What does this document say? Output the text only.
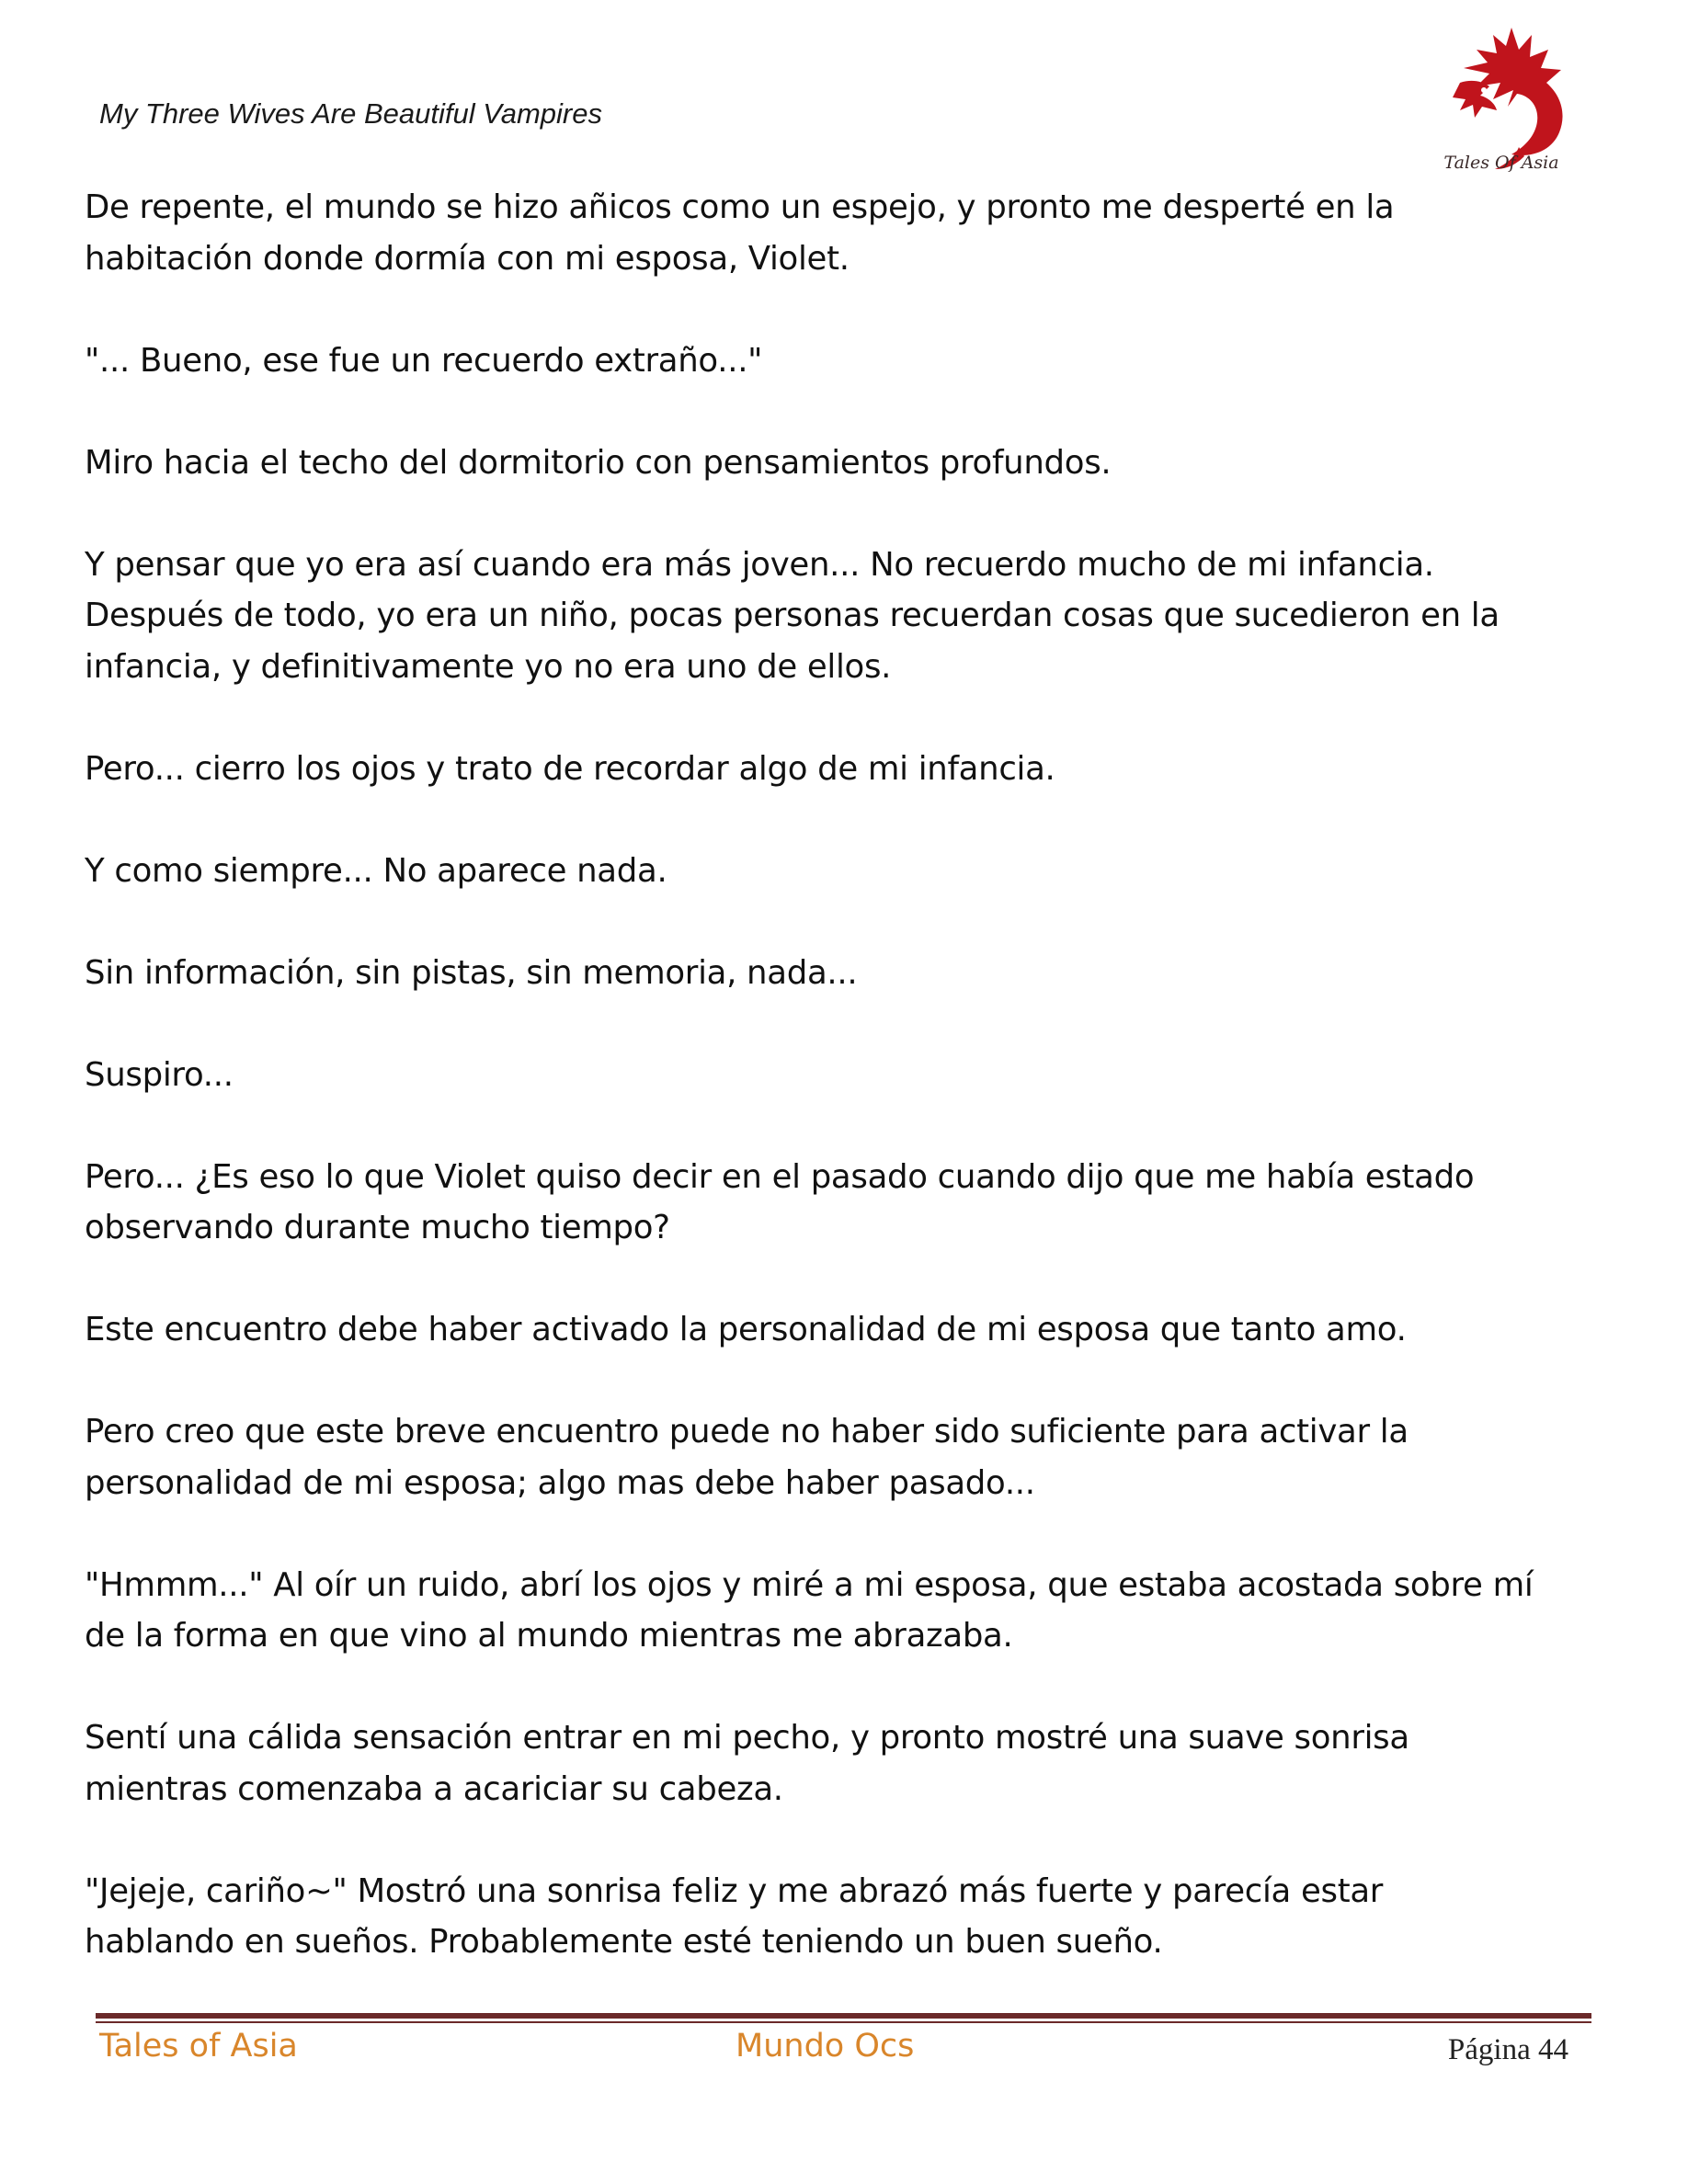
My Three Wives Are Beautiful Vampires
Tales Of Asia

De repente, el mundo se hizo añicos como un espejo, y pronto me desperté en la
habitación donde dormía con mi esposa, Violet.

"... Bueno, ese fue un recuerdo extraño..."

Miro hacia el techo del dormitorio con pensamientos profundos.

Y pensar que yo era así cuando era más joven... No recuerdo mucho de mi infancia.
Después de todo, yo era un niño, pocas personas recuerdan cosas que sucedieron en la
infancia, y definitivamente yo no era uno de ellos.

Pero... cierro los ojos y trato de recordar algo de mi infancia.

Y como siempre... No aparece nada.

Sin información, sin pistas, sin memoria, nada...

Suspiro...

Pero... ¿Es eso lo que Violet quiso decir en el pasado cuando dijo que me había estado
observando durante mucho tiempo?

Este encuentro debe haber activado la personalidad de mi esposa que tanto amo.

Pero creo que este breve encuentro puede no haber sido suficiente para activar la
personalidad de mi esposa; algo mas debe haber pasado...

"Hmmm..." Al oír un ruido, abrí los ojos y miré a mi esposa, que estaba acostada sobre mí
de la forma en que vino al mundo mientras me abrazaba.

Sentí una cálida sensación entrar en mi pecho, y pronto mostré una suave sonrisa
mientras comenzaba a acariciar su cabeza.

"Jejeje, cariño~" Mostró una sonrisa feliz y me abrazó más fuerte y parecía estar
hablando en sueños. Probablemente esté teniendo un buen sueño.

Tales of Asia	Mundo Ocs	Página 44
